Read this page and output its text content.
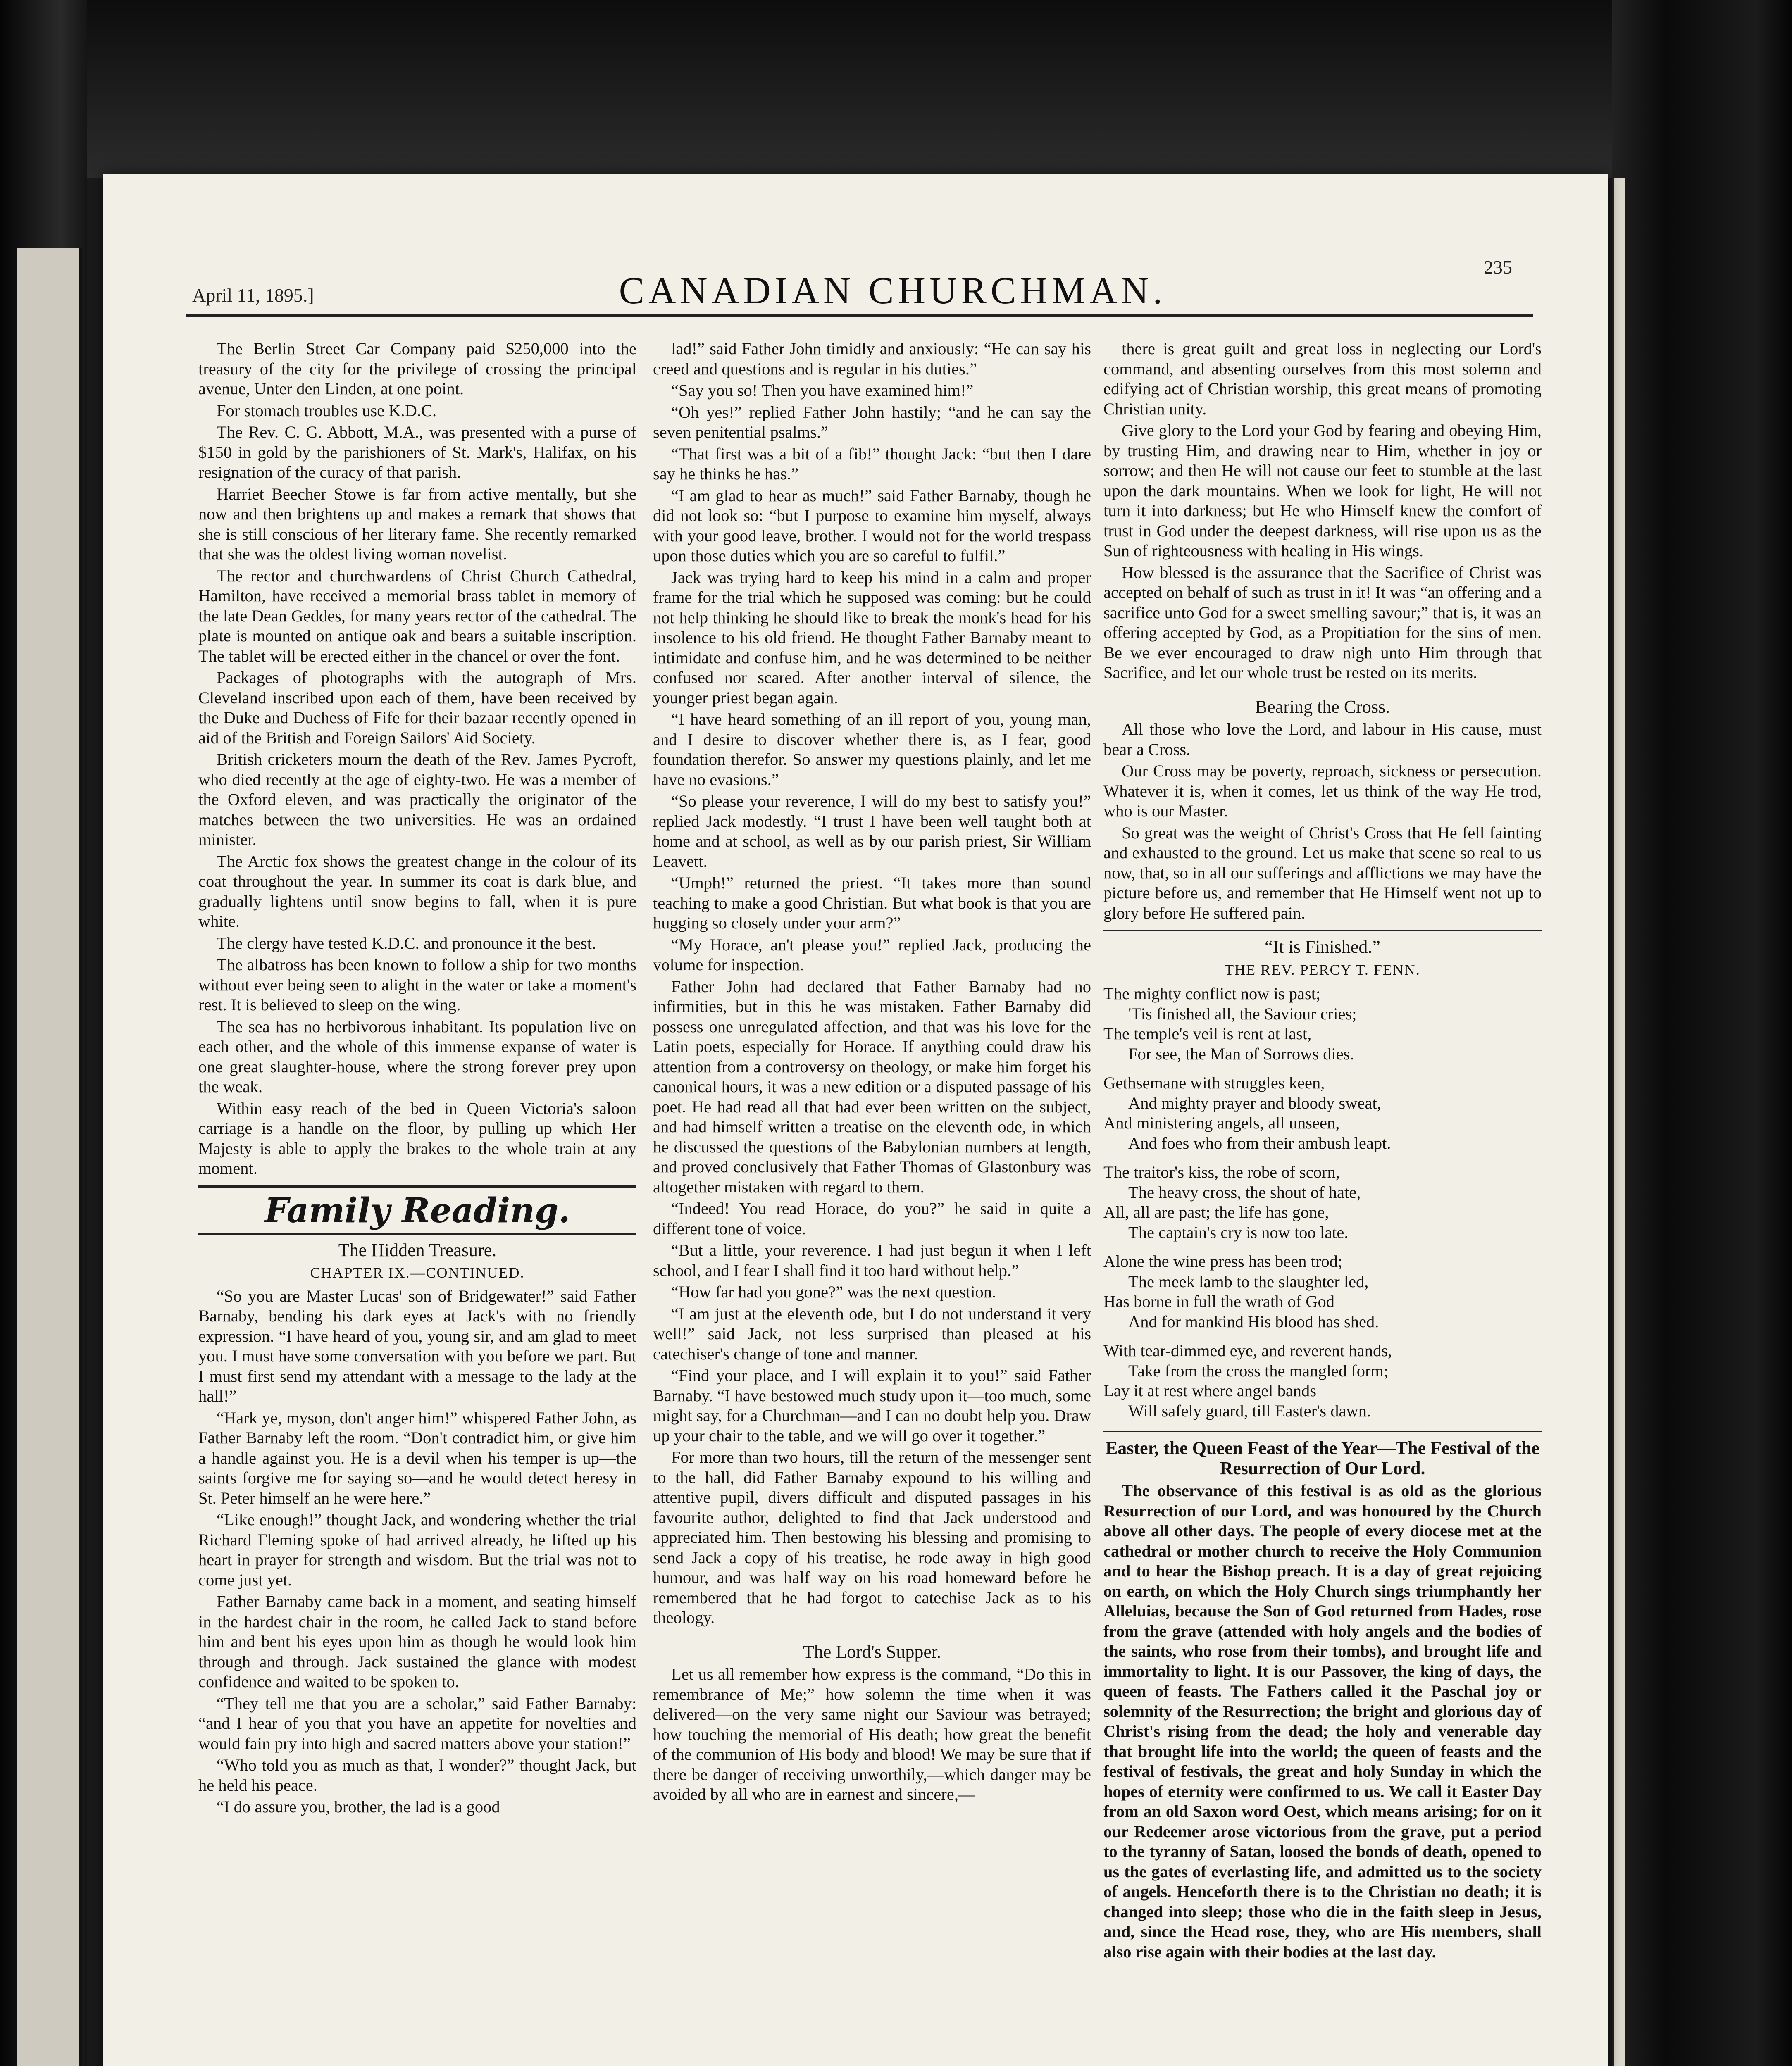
April 11, 1895.]	CANADIAN CHURCHMAN.
235

The Berlin Street Car Company paid $250,000 into the treasury of the city for the privilege of crossing the principal avenue, Unter den Linden, at one point.

For stomach troubles use K.D.C.

The Rev. C. G. Abbott, M.A., was presented with a purse of $150 in gold by the parishioners of St. Mark's, Halifax, on his resignation of the curacy of that parish.

Harriet Beecher Stowe is far from active mentally, but she now and then brightens up and makes a remark that shows that she is still conscious of her literary fame. She recently remarked that she was the oldest living woman novelist.

The rector and churchwardens of Christ Church Cathedral, Hamilton, have received a memorial brass tablet in memory of the late Dean Geddes, for many years rector of the cathedral. The plate is mounted on antique oak and bears a suitable inscription. The tablet will be erected either in the chancel or over the font.

Packages of photographs with the autograph of Mrs. Cleveland inscribed upon each of them, have been received by the Duke and Duchess of Fife for their bazaar recently opened in aid of the British and Foreign Sailors' Aid Society.

British cricketers mourn the death of the Rev. James Pycroft, who died recently at the age of eighty-two. He was a member of the Oxford eleven, and was practically the originator of the matches between the two universities. He was an ordained minister.

The Arctic fox shows the greatest change in the colour of its coat throughout the year. In summer its coat is dark blue, and gradually lightens until snow begins to fall, when it is pure white.

The clergy have tested K.D.C. and pronounce it the best.

The albatross has been known to follow a ship for two months without ever being seen to alight in the water or take a moment's rest. It is believed to sleep on the wing.

The sea has no herbivorous inhabitant. Its population live on each other, and the whole of this immense expanse of water is one great slaughter-house, where the strong forever prey upon the weak.

Within easy reach of the bed in Queen Victoria's saloon carriage is a handle on the floor, by pulling up which Her Majesty is able to apply the brakes to the whole train at any moment.

Family Reading.
The Hidden Treasure.
CHAPTER IX.—CONTINUED.

“So you are Master Lucas' son of Bridgewater!” said Father Barnaby, bending his dark eyes at Jack's with no friendly expression. “I have heard of you, young sir, and am glad to meet you. I must have some conversation with you before we part. But I must first send my attendant with a message to the lady at the hall!”

“Hark ye, myson, don't anger him!” whispered Father John, as Father Barnaby left the room. “Don't contradict him, or give him a handle against you. He is a devil when his temper is up—the saints forgive me for saying so—and he would detect heresy in St. Peter himself an he were here.”

“Like enough!” thought Jack, and wondering whether the trial Richard Fleming spoke of had arrived already, he lifted up his heart in prayer for strength and wisdom. But the trial was not to come just yet.

Father Barnaby came back in a moment, and seating himself in the hardest chair in the room, he called Jack to stand before him and bent his eyes upon him as though he would look him through and through. Jack sustained the glance with modest confidence and waited to be spoken to.

“They tell me that you are a scholar,” said Father Barnaby: “and I hear of you that you have an appetite for novelties and would fain pry into high and sacred matters above your station!”

“Who told you as much as that, I wonder?” thought Jack, but he held his peace.

“I do assure you, brother, the lad is a good

lad!” said Father John timidly and anxiously: “He can say his creed and questions and is regular in his duties.”

“Say you so! Then you have examined him!”

“Oh yes!” replied Father John hastily; “and he can say the seven penitential psalms.”

“That first was a bit of a fib!” thought Jack: “but then I dare say he thinks he has.”

“I am glad to hear as much!” said Father Barnaby, though he did not look so: “but I purpose to examine him myself, always with your good leave, brother. I would not for the world trespass upon those duties which you are so careful to fulfil.”

Jack was trying hard to keep his mind in a calm and proper frame for the trial which he supposed was coming: but he could not help thinking he should like to break the monk's head for his insolence to his old friend. He thought Father Barnaby meant to intimidate and confuse him, and he was determined to be neither confused nor scared. After another interval of silence, the younger priest began again.

“I have heard something of an ill report of you, young man, and I desire to discover whether there is, as I fear, good foundation therefor. So answer my questions plainly, and let me have no evasions.”

“So please your reverence, I will do my best to satisfy you!” replied Jack modestly. “I trust I have been well taught both at home and at school, as well as by our parish priest, Sir William Leavett.

“Umph!” returned the priest. “It takes more than sound teaching to make a good Christian. But what book is that you are hugging so closely under your arm?”

“My Horace, an't please you!” replied Jack, producing the volume for inspection.

Father John had declared that Father Barnaby had no infirmities, but in this he was mistaken. Father Barnaby did possess one unregulated affection, and that was his love for the Latin poets, especially for Horace. If anything could draw his attention from a controversy on theology, or make him forget his canonical hours, it was a new edition or a disputed passage of his poet. He had read all that had ever been written on the subject, and had himself written a treatise on the eleventh ode, in which he discussed the questions of the Babylonian numbers at length, and proved conclusively that Father Thomas of Glastonbury was altogether mistaken with regard to them.

“Indeed! You read Horace, do you?” he said in quite a different tone of voice.

“But a little, your reverence. I had just begun it when I left school, and I fear I shall find it too hard without help.”

“How far had you gone?” was the next question.

“I am just at the eleventh ode, but I do not understand it very well!” said Jack, not less surprised than pleased at his catechiser's change of tone and manner.

“Find your place, and I will explain it to you!” said Father Barnaby. “I have bestowed much study upon it—too much, some might say, for a Churchman—and I can no doubt help you. Draw up your chair to the table, and we will go over it together.”

For more than two hours, till the return of the messenger sent to the hall, did Father Barnaby expound to his willing and attentive pupil, divers difficult and disputed passages in his favourite author, delighted to find that Jack understood and appreciated him. Then bestowing his blessing and promising to send Jack a copy of his treatise, he rode away in high good humour, and was half way on his road homeward before he remembered that he had forgot to catechise Jack as to his theology.

The Lord's Supper.

Let us all remember how express is the command, “Do this in remembrance of Me;” how solemn the time when it was delivered—on the very same night our Saviour was betrayed; how touching the memorial of His death; how great the benefit of the communion of His body and blood! We may be sure that if there be danger of receiving unworthily,—which danger may be avoided by all who are in earnest and sincere,—

there is great guilt and great loss in neglecting our Lord's command, and absenting ourselves from this most solemn and edifying act of Christian worship, this great means of promoting Christian unity.

Give glory to the Lord your God by fearing and obeying Him, by trusting Him, and drawing near to Him, whether in joy or sorrow; and then He will not cause our feet to stumble at the last upon the dark mountains. When we look for light, He will not turn it into darkness; but He who Himself knew the comfort of trust in God under the deepest darkness, will rise upon us as the Sun of righteousness with healing in His wings.

How blessed is the assurance that the Sacrifice of Christ was accepted on behalf of such as trust in it! It was “an offering and a sacrifice unto God for a sweet smelling savour;” that is, it was an offering accepted by God, as a Propitiation for the sins of men. Be we ever encouraged to draw nigh unto Him through that Sacrifice, and let our whole trust be rested on its merits.

Bearing the Cross.

All those who love the Lord, and labour in His cause, must bear a Cross.

Our Cross may be poverty, reproach, sickness or persecution. Whatever it is, when it comes, let us think of the way He trod, who is our Master.

So great was the weight of Christ's Cross that He fell fainting and exhausted to the ground. Let us make that scene so real to us now, that, so in all our sufferings and afflictions we may have the picture before us, and remember that He Himself went not up to glory before He suffered pain.

“It is Finished.”
THE REV. PERCY T. FENN.

The mighty conflict now is past;

'Tis finished all, the Saviour cries;

The temple's veil is rent at last,

For see, the Man of Sorrows dies.

Gethsemane with struggles keen,

And mighty prayer and bloody sweat,

And ministering angels, all unseen,

And foes who from their ambush leapt.

The traitor's kiss, the robe of scorn,

The heavy cross, the shout of hate,

All, all are past; the life has gone,

The captain's cry is now too late.

Alone the wine press has been trod;

The meek lamb to the slaughter led,

Has borne in full the wrath of God

And for mankind His blood has shed.

With tear-dimmed eye, and reverent hands,

Take from the cross the mangled form;

Lay it at rest where angel bands

Will safely guard, till Easter's dawn.

Easter, the Queen Feast of the Year—The Festival of the Resurrection of Our Lord.

The observance of this festival is as old as the glorious Resurrection of our Lord, and was honoured by the Church above all other days. The people of every diocese met at the cathedral or mother church to receive the Holy Communion and to hear the Bishop preach. It is a day of great rejoicing on earth, on which the Holy Church sings triumphantly her Alleluias, because the Son of God returned from Hades, rose from the grave (attended with holy angels and the bodies of the saints, who rose from their tombs), and brought life and immortality to light. It is our Passover, the king of days, the queen of feasts. The Fathers called it the Paschal joy or solemnity of the Resurrection; the bright and glorious day of Christ's rising from the dead; the holy and venerable day that brought life into the world; the queen of feasts and the festival of festivals, the great and holy Sunday in which the hopes of eternity were confirmed to us. We call it Easter Day from an old Saxon word Oest, which means arising; for on it our Redeemer arose victorious from the grave, put a period to the tyranny of Satan, loosed the bonds of death, opened to us the gates of everlasting life, and admitted us to the society of angels. Henceforth there is to the Christian no death; it is changed into sleep; those who die in the faith sleep in Jesus, and, since the Head rose, they, who are His members, shall also rise again with their bodies at the last day.
